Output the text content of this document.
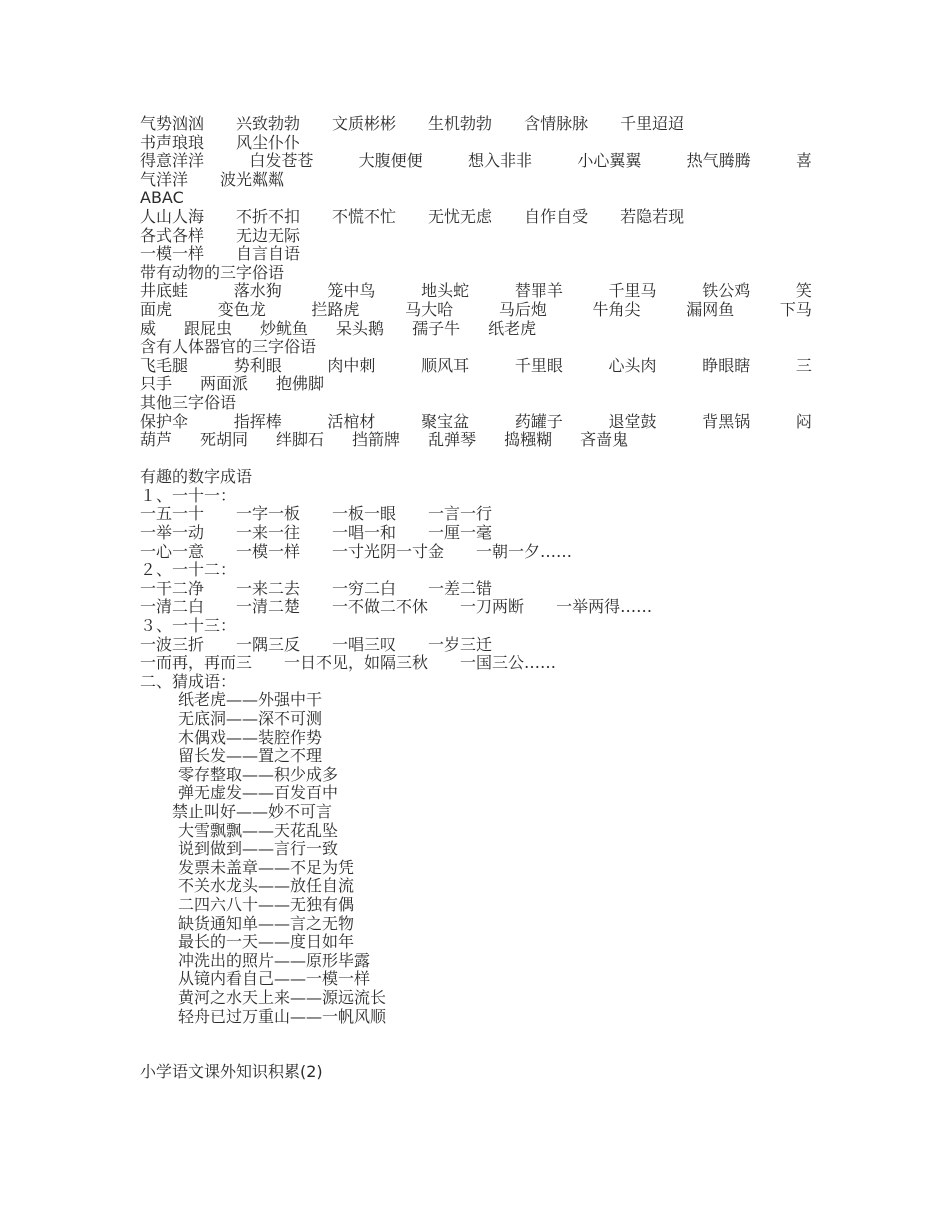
气势汹汹 兴致勃勃 文质彬彬 生机勃勃 含情脉脉 千里迢迢
书声琅琅 风尘仆仆
得意洋洋	白发苍苍	大腹便便	想入非非	小心翼翼	热气腾腾	喜
气洋洋 波光粼粼
ABAC
人山人海 不折不扣 不慌不忙 无忧无虑 自作自受 若隐若现
各式各样 无边无际
一模一样 自言自语
带有动物的三字俗语
井底蛙	落水狗	笼中鸟	地头蛇	替罪羊	千里马	铁公鸡	笑
面虎	变色龙	拦路虎	马大哈	马后炮	牛角尖	漏网鱼	下马
威 跟屁虫 炒鱿鱼 呆头鹅 孺子牛 纸老虎
含有人体器官的三字俗语
飞毛腿	势利眼	肉中刺	顺风耳	千里眼	心头肉	睁眼瞎	三
只手 两面派 抱佛脚
其他三字俗语
保护伞	指挥棒	活棺材	聚宝盆	药罐子	退堂鼓	背黑锅	闷
葫芦 死胡同 绊脚石 挡箭牌 乱弹琴 捣糨糊 吝啬鬼
有趣的数字成语
１、一十一：
一五一十 一字一板 一板一眼 一言一行
一举一动 一来一往 一唱一和 一厘一毫
一心一意 一模一样 一寸光阴一寸金 一朝一夕……
２、一十二：
一干二净 一来二去 一穷二白 一差二错
一清二白 一清二楚 一不做二不休 一刀两断 一举两得……
３、一十三：
一波三折 一隅三反 一唱三叹 一岁三迁
一而再，再而三 一日不见，如隔三秋 一国三公……
二、猜成语：
纸老虎——外强中干
无底洞——深不可测
木偶戏——装腔作势
留长发——置之不理
零存整取——积少成多
弹无虚发——百发百中
禁止叫好——妙不可言
大雪飘飘——天花乱坠
说到做到——言行一致
发票未盖章——不足为凭
不关水龙头——放任自流
二四六八十——无独有偶
缺货通知单——言之无物
最长的一天——度日如年
冲洗出的照片——原形毕露
从镜内看自己——一模一样
黄河之水天上来——源远流长
轻舟已过万重山——一帆风顺
小学语文课外知识积累(2)
